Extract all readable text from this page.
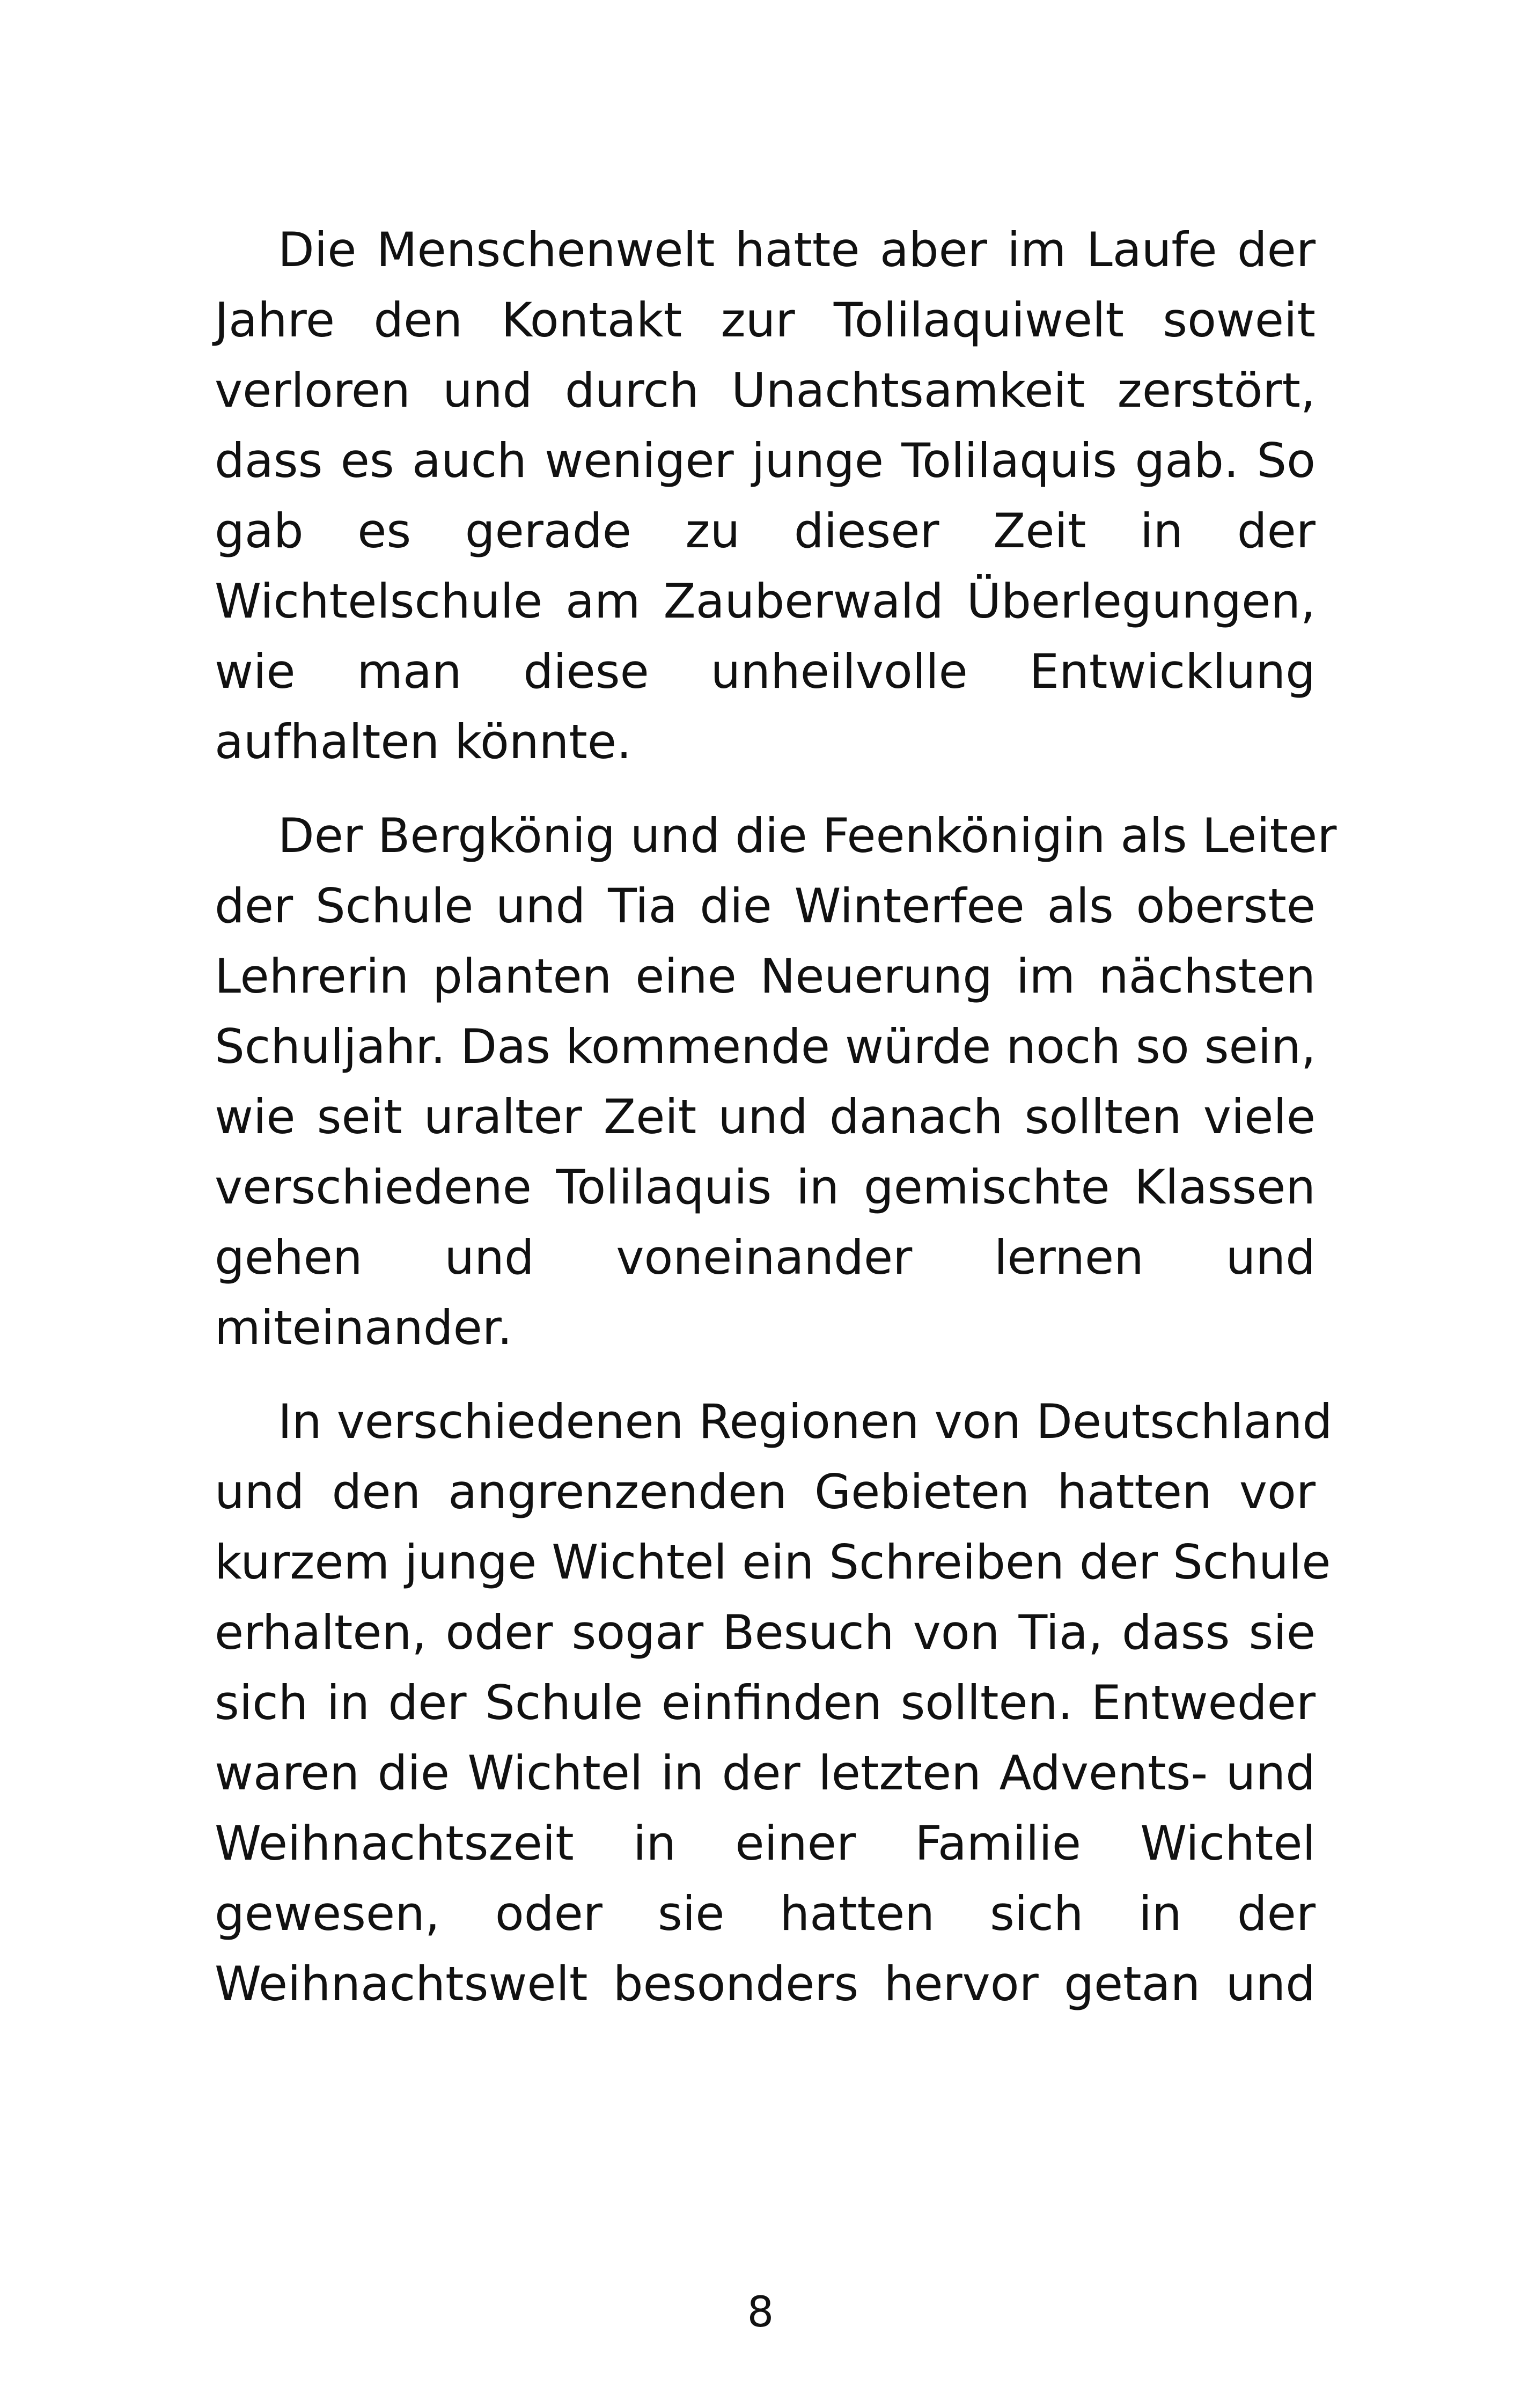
Die Menschenwelt hatte aber im Laufe der
Jahre den Kontakt zur Tolilaquiwelt soweit
verloren und durch Unachtsamkeit zerstört,
dass es auch weniger junge Tolilaquis gab. So
gab es gerade zu dieser Zeit in der
Wichtelschule am Zauberwald Überlegungen,
wie man diese unheilvolle Entwicklung
aufhalten könnte.
Der Bergkönig und die Feenkönigin als Leiter
der Schule und Tia die Winterfee als oberste
Lehrerin planten eine Neuerung im nächsten
Schuljahr. Das kommende würde noch so sein,
wie seit uralter Zeit und danach sollten viele
verschiedene Tolilaquis in gemischte Klassen
gehen und voneinander lernen und
miteinander.
In verschiedenen Regionen von Deutschland
und den angrenzenden Gebieten hatten vor
kurzem junge Wichtel ein Schreiben der Schule
erhalten, oder sogar Besuch von Tia, dass sie
sich in der Schule einfinden sollten. Entweder
waren die Wichtel in der letzten Advents- und
Weihnachtszeit in einer Familie Wichtel
gewesen, oder sie hatten sich in der
Weihnachtswelt besonders hervor getan und
8
